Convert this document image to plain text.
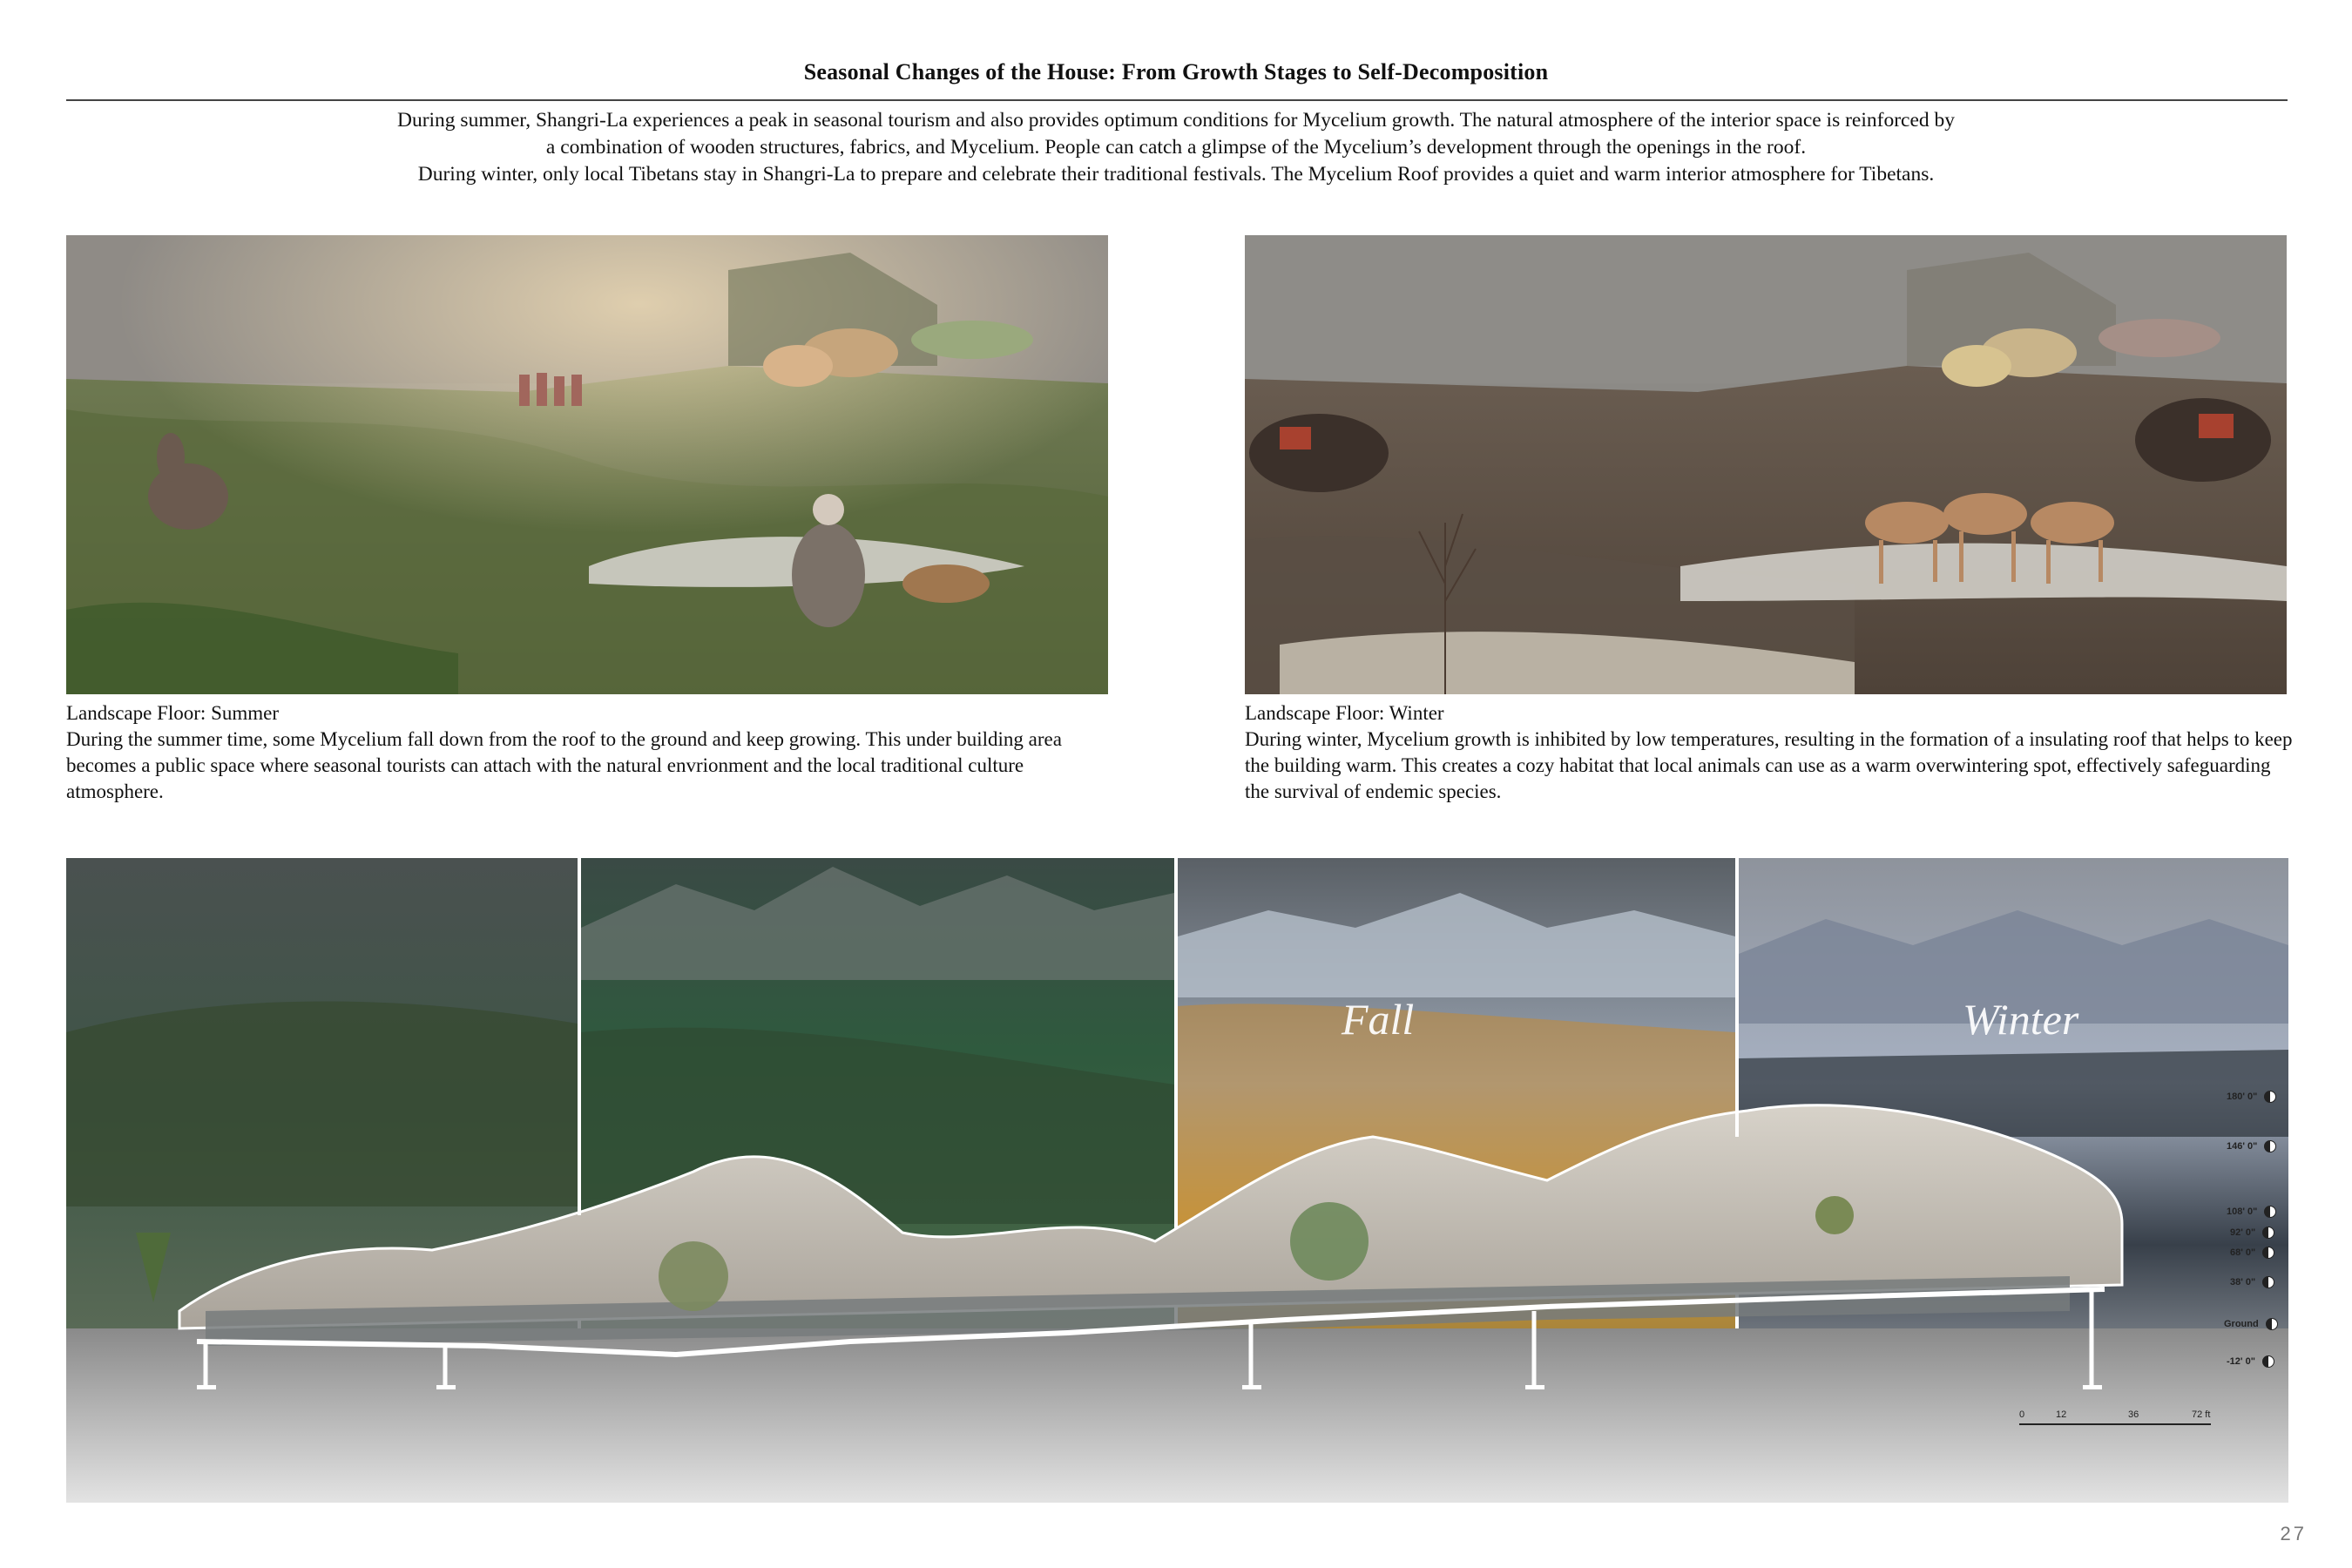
Seasonal Changes of the House: From Growth Stages to Self-Decomposition
During summer, Shangri-La experiences a peak in seasonal tourism and also provides optimum conditions for Mycelium growth. The natural atmosphere of the interior space is reinforced by
a combination of wooden structures, fabrics, and Mycelium. People can catch a glimpse of the Mycelium’s development through the openings in the roof.
During winter, only local Tibetans stay in Shangri-La to prepare and celebrate their traditional festivals. The Mycelium Roof provides a quiet and warm interior atmosphere for Tibetans.
Landscape Floor: Summer
During the summer time, some Mycelium fall down from the roof to the ground and keep growing. This under building area becomes a public space where seasonal tourists can attach with the natural envrionment and the local traditional culture atmosphere.
Landscape Floor: Winter
During winter, Mycelium growth is inhibited by low temperatures, resulting in the formation of a insulating roof that helps to keep the building warm. This creates a cozy habitat that local animals can use as a warm overwintering spot, effectively safeguarding the survival of endemic species.
Fall	Winter
180' 0"
146' 0"
108' 0"
92' 0"
68' 0"
38' 0"
Ground
-12' 0"
0	12	36	72 ft
27
